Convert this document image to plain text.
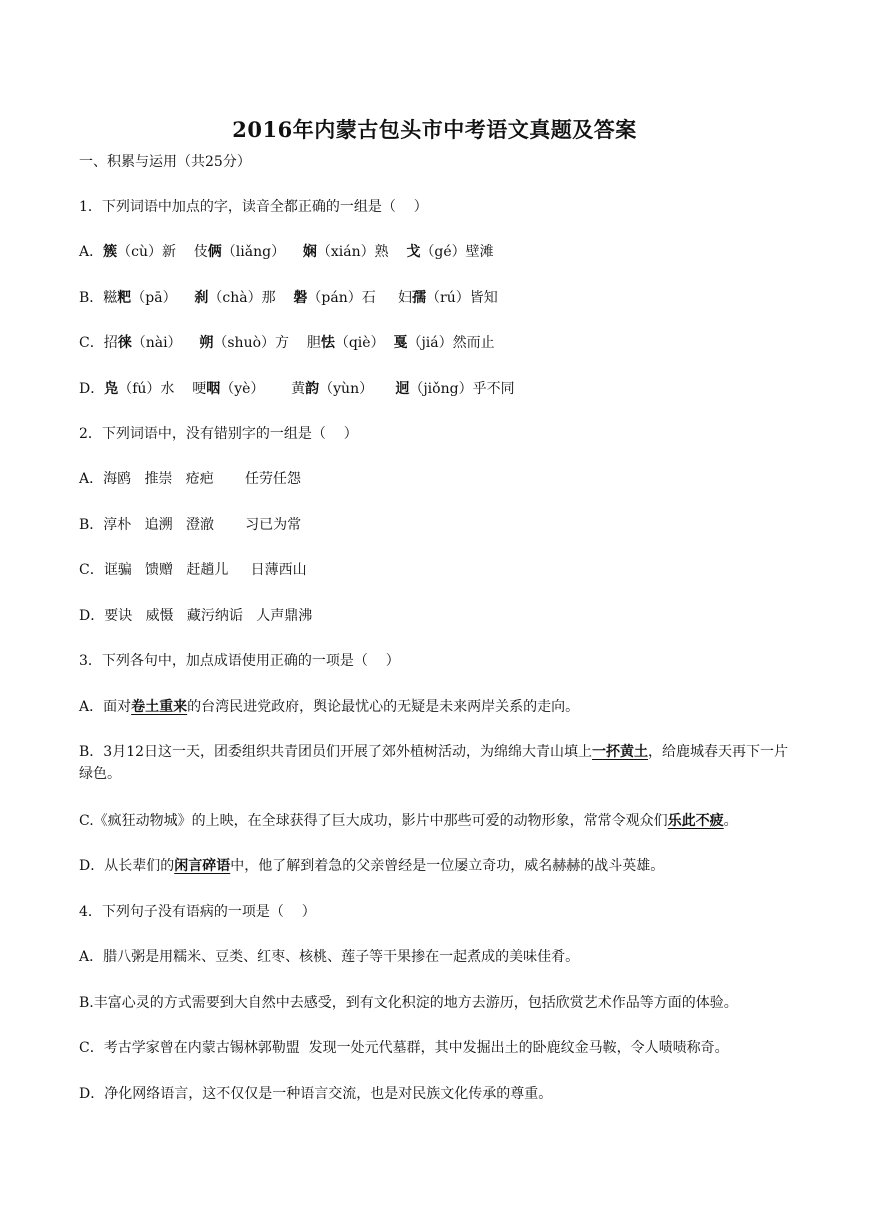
2016年内蒙古包头市中考语文真题及答案
一、积累与运用（共25分）
1．下列词语中加点的字，读音全都正确的一组是（    ）
A．簇（cù）新    伎俩（liǎng）    娴（xián）熟    戈（gé）壁滩
B．糍粑（pā）    刹（chà）那    磐（pán）石     妇孺（rú）皆知
C．招徕（nài）    朔（shuò）方    胆怯（qiè）  戛（jiá）然而止
D．凫（fú）水    哽咽（yè）      黄韵（yùn）     迥（jiǒng）乎不同
2．下列词语中，没有错别字的一组是（    ）
A．海鸥   推崇   疮疤       任劳任怨
B．淳朴   追溯   澄澈       习已为常
C．诓骗   馈赠   赶趟儿     日薄西山
D．要诀   威慑   藏污纳诟   人声鼎沸
3．下列各句中，加点成语使用正确的一项是（    ）
A．面对卷土重来的台湾民进党政府，舆论最忧心的无疑是未来两岸关系的走向。
B．3月12日这一天，团委组织共青团员们开展了郊外植树活动，为绵绵大青山填上一抔黄土，给鹿城春天再下一片绿色。
C.《疯狂动物城》的上映，在全球获得了巨大成功，影片中那些可爱的动物形象，常常令观众们乐此不疲。
D．从长辈们的闲言碎语中，他了解到着急的父亲曾经是一位屡立奇功，威名赫赫的战斗英雄。
4．下列句子没有语病的一项是（    ）
A．腊八粥是用糯米、豆类、红枣、核桃、莲子等干果掺在一起煮成的美味佳肴。
B.丰富心灵的方式需要到大自然中去感受，到有文化积淀的地方去游历，包括欣赏艺术作品等方面的体验。
C．考古学家曾在内蒙古锡林郭勒盟  发现一处元代墓群，其中发掘出土的卧鹿纹金马鞍，令人啧啧称奇。
D．净化网络语言，这不仅仅是一种语言交流，也是对民族文化传承的尊重。
